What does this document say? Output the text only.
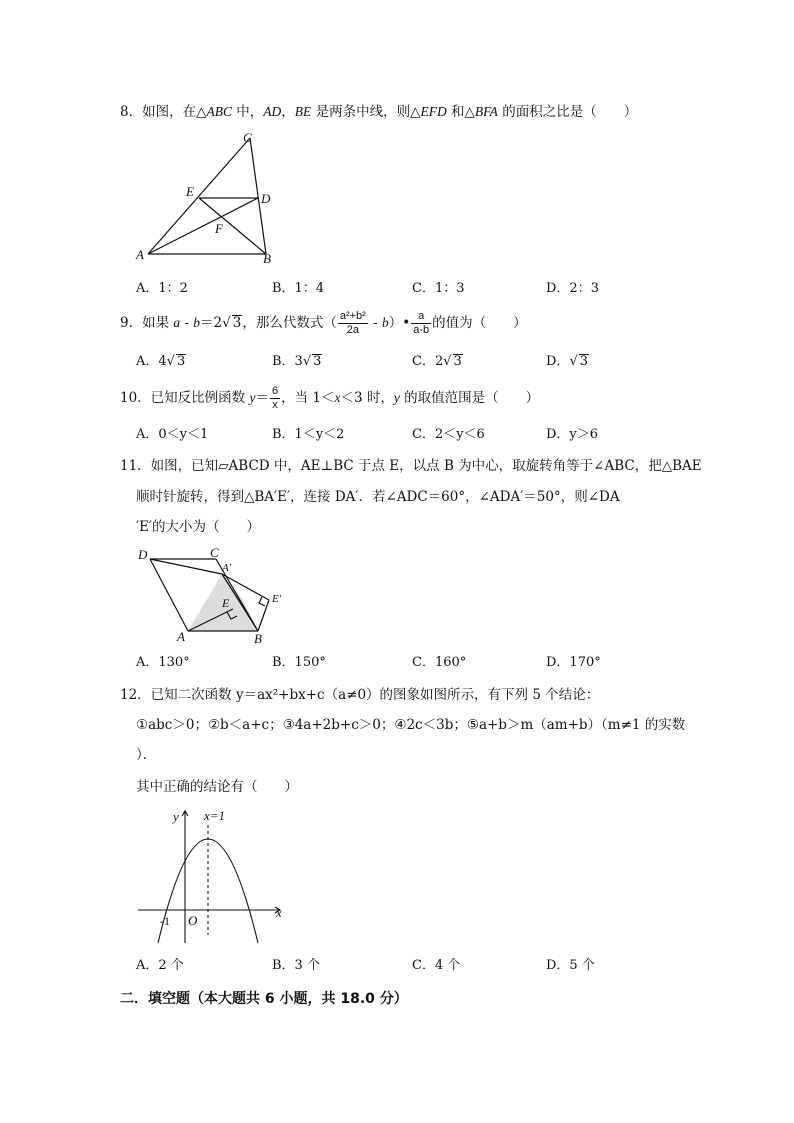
8．如图，在△ABC 中，AD，BE 是两条中线，则△EFD 和△BFA 的面积之比是（　　）
C
E	D
F
A	B
A．1：2	B．1：4	C．1：3	D．2：3
9．如果 a - b＝2√ 3，那么代数式（ $\frac{\text{a²+b²}}{2a}$ - b）• $\frac{a}{a-b}$ 的值为（　　）
A．4√ 3	B．3√ 3	C．2√ 3	D．√ 3
10．已知反比例函数 $y= \frac{6}{x}$ ，当 1＜x＜3 时，y 的取值范围是（　　）
A．0＜y＜1	B．1＜y＜2	C．2＜y＜6	D．y＞6
11．如图，已知▱ABCD 中，AE⊥BC 于点 E，以点 B 为中心，取旋转角等于∠ABC，把△BAE
顺时针旋转，得到△BA′E′，连接 DA′．若∠ADC＝60°，∠ADA′＝50°，则∠DA
′E′的大小为（　　）
D	C
A′
E	E′
A	B
A．130°	B．150°	C．160°	D．170°
12．已知二次函数 y＝ax²+bx+c（a≠0）的图象如图所示，有下列 5 个结论：
①abc＞0；②b＜a+c；③4a+2b+c＞0；④2c＜3b；⑤a+b＞m（am+b）（m≠1 的实数
）．
其中正确的结论有（　　）
y x=1
-1 O
x
A．2 个	B．3 个	C．4 个	D．5 个
二．填空题（本大题共 6 小题，共 18.0 分）
